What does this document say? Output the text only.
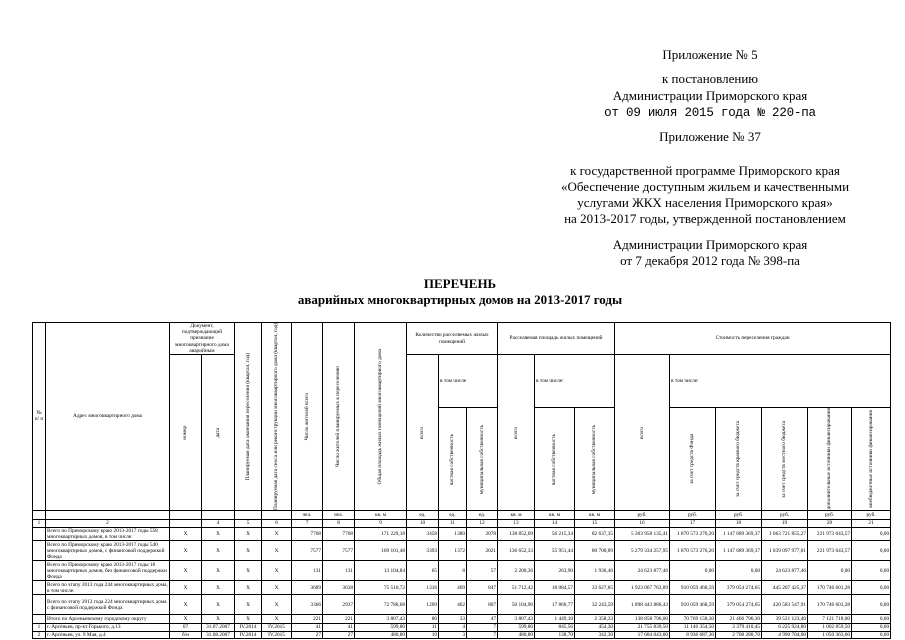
Приложение № 5
к постановлению
Администрации Приморского края
от 09 июля 2015 года № 220-па
Приложение № 37
к государственной программе Приморского края
«Обеспечение доступным жильем и качественными
услугами ЖКХ населения Приморского края»
на 2013-2017 годы, утвержденной постановлением
Администрации Приморского края
от 7 декабря 2012 года № 398-па
ПЕРЕЧЕНЬ
аварийных многоквартирных домов на 2013-2017 годы
№ п/ п	Адрес многоквартирного дома	Документ, подтверждающий признание многоквартирного дома аварийным		Планируемая дата окончания переселения (квартал, год)	Планируемая дата сноса или реконструкции многоквартирного дома (квартал, год)	Число жителей всего	Число жителей планируемых к переселению	Общая площадь жилых помещений многоквартирного дома	Количество расселяемых жилых помещений			Расселяемая площадь жилых помещений			Стоимость переселения граждан					

		номер	дата						всего	в том числе		всего	в том числе:		всего	в том числе:				

										частная собственность	муниципальная собственность		частная собственность	муниципальная собственность		за счет средств Фонда	за счет средств краевого бюджета	за счет средств местного бюджета	дополнительные источники финансирования	внебюджетные источники финансирования

						чел.	чел.	кв. м	ед.	ед.	ед.	кв. м	кв. м	кв. м	руб.	руб.	руб.	руб.	руб.	руб.
1	2		4	5	6	7	8	9	10	11	12	13	14	15	16	17	18	19	20	21
	Всего по Приморскому краю 2013-2017 годы 558 многоквартирных домов, в том числе:	X	X	X	X	7708	7708	171 229,18	3458	1380	2078	138 852,69	56 215,34	82 637,35	5 303 958 135,41	1 870 573 276,20	1 147 689 369,37	1 063 721 855,27	221 973 643,57	0,00
	Всего по Приморскому краю 2013-2017 годы 540 многоквартирных домов, с финансовой поддержкой Фонда	X	X	X	X	7577	7577	169 101,48	3393	1372	2021	136 652,33	55 951,44	80 700,89	5 279 334 257,95	1 870 573 276,20	1 147 689 369,37	1 039 097 977,81	221 973 643,57	0,00
	Всего по Приморскому краю 2013-2017 годы 18 многоквартирных домов, без финансовой поддержки Фонда	X	X	X	X	131	131	13 104,84	65	8	57	2 200,36	263,90	1 936,46	24 623 877,46	0,00	0,00	24 623 877,46	0,00	0,00
	Всего по этапу 2013 года 244 многоквартирных дома, в том числе:	X	X	X	X	3689	3638	75 510,72	1316	469	847	51 712,42	18 084,57	33 627,85	1 923 067 763,89	910 059 468,59	379 054 274,65	445 207 425,37	170 746 601,28	0,00
	Всего по этапу 2013 года 224 многоквартирных дома с финансовой поддержкой Фонда	X	X	X	X	3366	2937	72 780,68	1269	462	807	50 104,96	17 860,77	32 243,59	1 898 443 886,43	910 059 468,59	379 054 274,65	420 583 547,91	170 746 601,28	0,00
	Итого по Арсеньевскому городскому округу	X	X	X	X	221	221	3 807,43	80	33	47	3 807,43	1 449,10	2 358,33	138 858 796,00	70 769 158,30	21 466 796,30	39 521 123,40	7 121 718,00	0,00
1	г. Арсеньев, пр-кт Горького, д.13	07	31.07.2007	IV.2014	IV.2015	41	41	599,80	11	4	7	599,80	845,56	454,30	21 755 839,50	11 146 354,50	3 379 410,45	6 225 924,80	1 002 859,50	0,00
2	г. Арсеньев, ул. 9 Мая, д.4	б/н	31.08.2007	IV.2014	IV.2015	27	27	480,80	10	3	7	480,80	138,70	342,30	17 684 043,00	8 936 687,30	2 708 280,70	4 990 704,00	1 050 363,00	0,00
